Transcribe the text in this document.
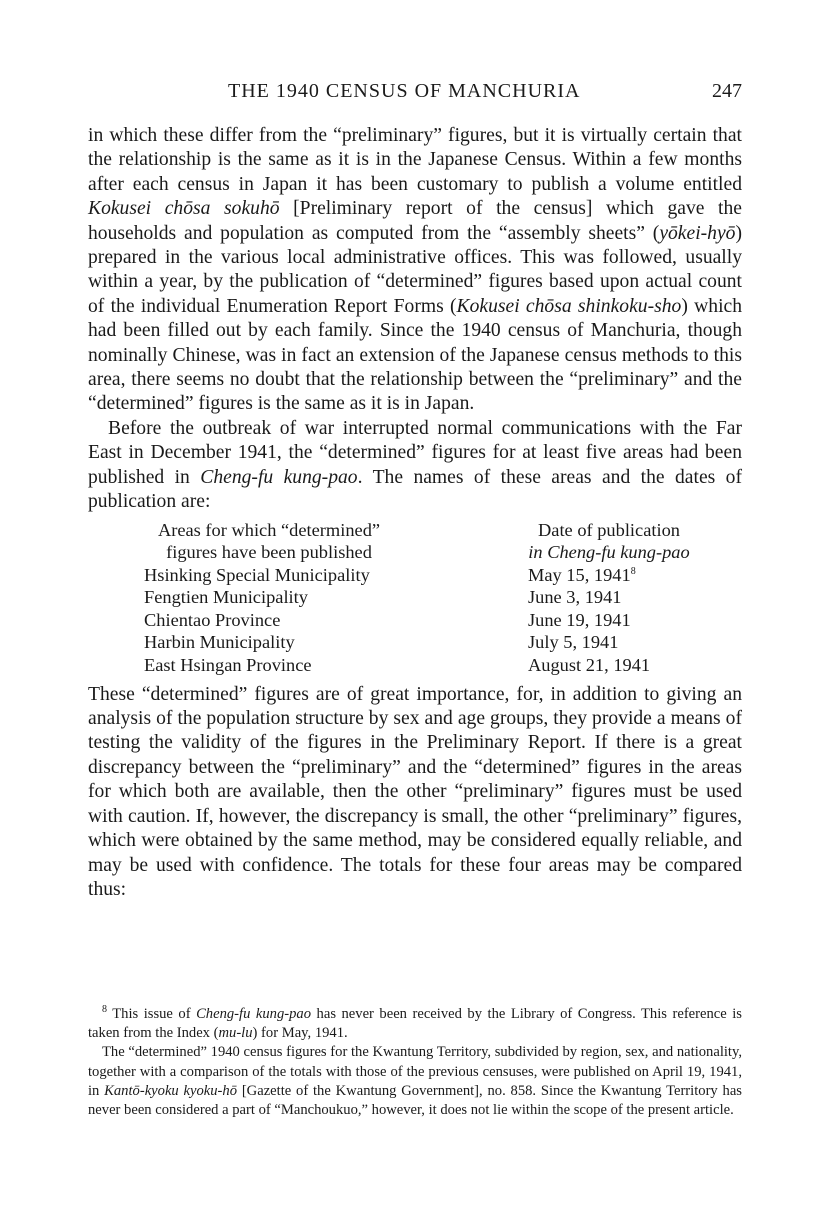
THE 1940 CENSUS OF MANCHURIA	247

in which these differ from the “preliminary” figures, but it is virtually certain that the relationship is the same as it is in the Japanese Census. Within a few months after each census in Japan it has been customary to publish a volume entitled Kokusei chōsa sokuhō [Preliminary report of the census] which gave the households and population as computed from the “assembly sheets” (yōkei-hyō) prepared in the various local administrative offices. This was followed, usually within a year, by the publication of “determined” figures based upon actual count of the individual Enumeration Report Forms (Kokusei chōsa shinkoku-sho) which had been filled out by each family. Since the 1940 census of Manchuria, though nominally Chinese, was in fact an extension of the Japanese census methods to this area, there seems no doubt that the relationship between the “preliminary” and the “determined” figures is the same as it is in Japan.

Before the outbreak of war interrupted normal communications with the Far East in December 1941, the “determined” figures for at least five areas had been published in Cheng-fu kung-pao. The names of these areas and the dates of publication are:

Areas for which “determined”
figures have been published	Date of publication
in Cheng-fu kung-pao

Hsinking Special Municipality	May 15, 1941$^8$
Fengtien Municipality	June 3, 1941
Chientao Province	June 19, 1941
Harbin Municipality	July 5, 1941
East Hsingan Province	August 21, 1941

These “determined” figures are of great importance, for, in addition to giving an analysis of the population structure by sex and age groups, they provide a means of testing the validity of the figures in the Preliminary Report. If there is a great discrepancy between the “preliminary” and the “determined” figures in the areas for which both are available, then the other “preliminary” figures must be used with caution. If, however, the discrepancy is small, the other “preliminary” figures, which were obtained by the same method, may be considered equally reliable, and may be used with confidence. The totals for these four areas may be compared thus:

$^8$ This issue of Cheng-fu kung-pao has never been received by the Library of Congress. This reference is taken from the Index (mu-lu) for May, 1941.

The “determined” 1940 census figures for the Kwantung Territory, subdivided by region, sex, and nationality, together with a comparison of the totals with those of the previous censuses, were published on April 19, 1941, in Kantō-kyoku kyoku-hō [Gazette of the Kwantung Government], no. 858. Since the Kwantung Territory has never been considered a part of “Manchoukuo,” however, it does not lie within the scope of the present article.
